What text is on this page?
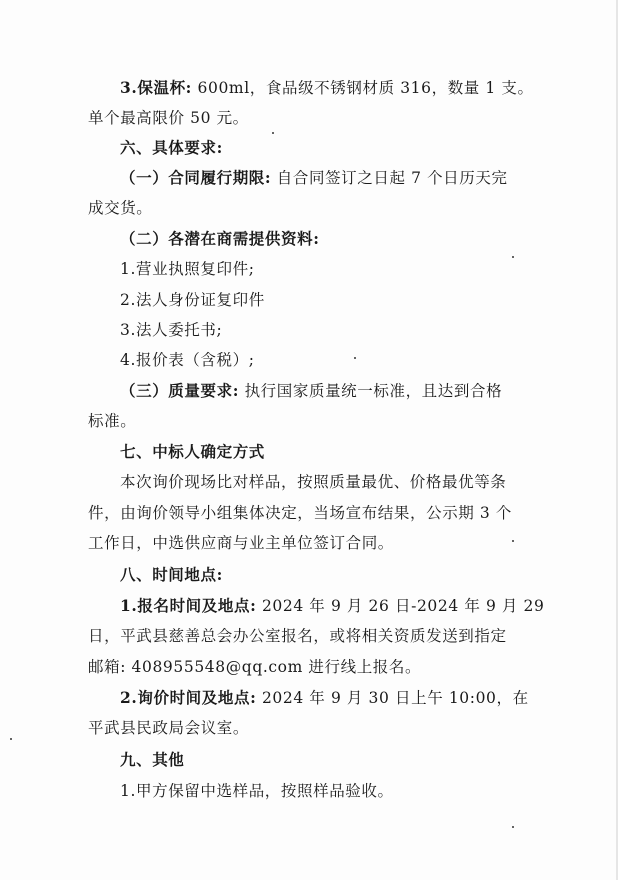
3.保温杯: 600ml，食品级不锈钢材质 316，数量 1 支。
单个最高限价 50 元。
六、具体要求:
（一）合同履行期限: 自合同签订之日起 7 个日历天完
成交货。
（二）各潜在商需提供资料:
1.营业执照复印件;
2.法人身份证复印件
3.法人委托书;
4.报价表（含税）;
（三）质量要求: 执行国家质量统一标准，且达到合格
标准。
七、中标人确定方式
本次询价现场比对样品，按照质量最优、价格最优等条
件，由询价领导小组集体决定，当场宣布结果，公示期 3 个
工作日，中选供应商与业主单位签订合同。
八、时间地点:
1.报名时间及地点: 2024 年 9 月 26 日-2024 年 9 月 29
日，平武县慈善总会办公室报名，或将相关资质发送到指定
邮箱: 408955548@qq.com 进行线上报名。
2.询价时间及地点: 2024 年 9 月 30 日上午 10:00，在
平武县民政局会议室。
九、其他
1.甲方保留中选样品，按照样品验收。
